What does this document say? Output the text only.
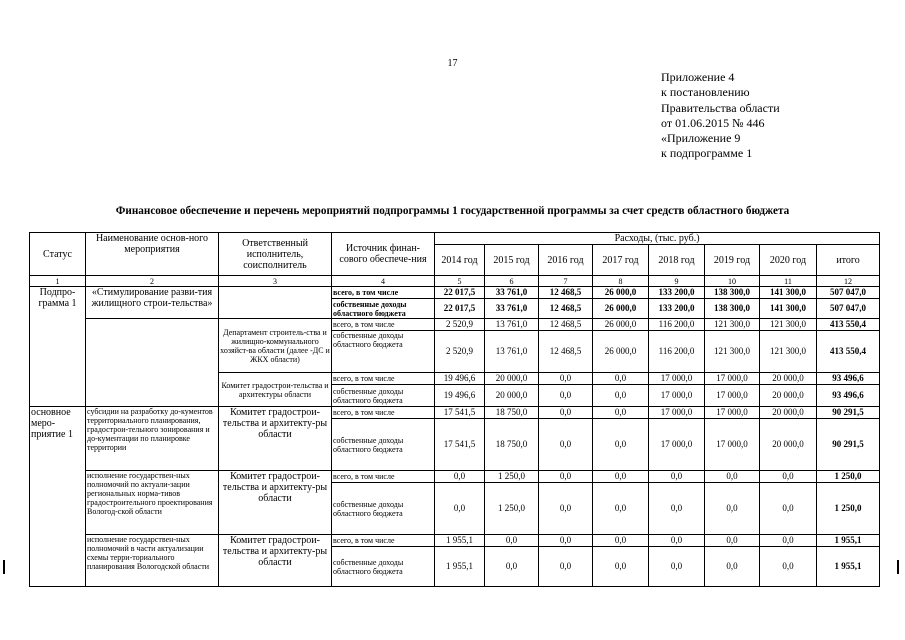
17
Приложение 4
к постановлению
Правительства области
от 01.06.2015 № 446
«Приложение 9
к подпрограмме 1
Финансовое обеспечение и перечень мероприятий подпрограммы 1 государственной программы за счет средств областного бюджета
Статус	Наименование основ-ного мероприятия	Ответственный исполнитель, соисполнитель	Источник финан-сового обеспече-ния	Расходы, (тыс. руб.)							
				2014 год	2015 год	2016 год	2017 год	2018 год	2019 год	2020 год	итого
1	2	3	4	5	6	7	8	9	10	11	12
Подпро-грамма 1	«Стимулирование разви-тия жилищного строи-тельства»		всего, в том числе	22 017,5	33 761,0	12 468,5	26 000,0	133 200,0	138 300,0	141 300,0	507 047,0
			собственные доходы областного бюджета	22 017,5	33 761,0	12 468,5	26 000,0	133 200,0	138 300,0	141 300,0	507 047,0
		Департамент строитель-ства и жилищно-коммунального хозяйст-ва области (далее -ДС и ЖКХ области)	всего, в том числе	2 520,9	13 761,0	12 468,5	26 000,0	116 200,0	121 300,0	121 300,0	413 550,4
			собственные доходы областного бюджета	2 520,9	13 761,0	12 468,5	26 000,0	116 200,0	121 300,0	121 300,0	413 550,4
		Комитет градострои-тельства и архитектуры области	всего, в том числе	19 496,6	20 000,0	0,0	0,0	17 000,0	17 000,0	20 000,0	93 496,6
			собственные доходы областного бюджета	19 496,6	20 000,0	0,0	0,0	17 000,0	17 000,0	20 000,0	93 496,6
основное меро-приятие 1	субсидии на разработку до-кументов территориального планирования, градострои-тельного зонирования и до-кументации по планировке территории	Комитет градострои-тельства и архитекту-ры области	всего, в том числе	17 541,5	18 750,0	0,0	0,0	17 000,0	17 000,0	20 000,0	90 291,5
			собственные доходы областного бюджета	17 541,5	18 750,0	0,0	0,0	17 000,0	17 000,0	20 000,0	90 291,5
	исполнение государствен-ных полномочий по актуали-зации региональных норма-тивов градостроительного проектирования Вологод-ской области	Комитет градострои-тельства и архитекту-ры области	всего, в том числе	0,0	1 250,0	0,0	0,0	0,0	0,0	0,0	1 250,0
			собственные доходы областного бюджета	0,0	1 250,0	0,0	0,0	0,0	0,0	0,0	1 250,0
	исполнение государствен-ных полномочий в части актуализации схемы терри-ториального планирования Вологодской области	Комитет градострои-тельства и архитекту-ры области	всего, в том числе	1 955,1	0,0	0,0	0,0	0,0	0,0	0,0	1 955,1
			собственные доходы областного бюджета	1 955,1	0,0	0,0	0,0	0,0	0,0	0,0	1 955,1
